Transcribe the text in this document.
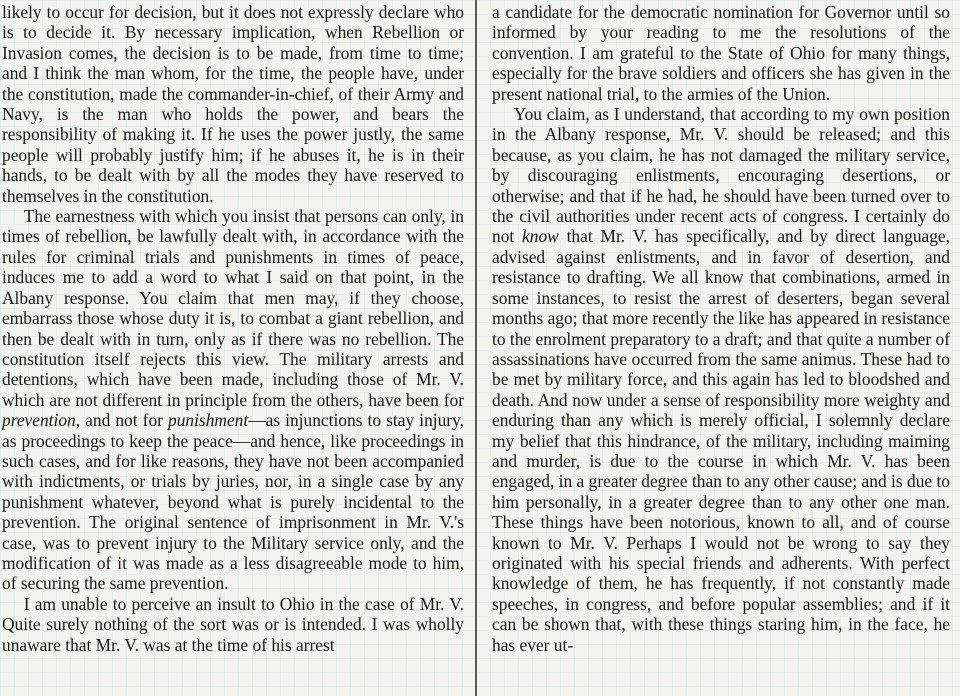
likely to occur for decision, but it does not expressly declare who is to decide it. By necessary implication, when Rebellion or Invasion comes, the decision is to be made, from time to time; and I think the man whom, for the time, the people have, under the constitution, made the commander-in-chief, of their Army and Navy, is the man who holds the power, and bears the responsibility of making it. If he uses the power justly, the same people will probably justify him; if he abuses it, he is in their hands, to be dealt with by all the modes they have reserved to themselves in the constitution.

The earnestness with which you insist that persons can only, in times of rebellion, be lawfully dealt with, in accordance with the rules for criminal trials and punishments in times of peace, induces me to add a word to what I said on that point, in the Albany response. You claim that men may, if they choose, embarrass those whose duty it is, to combat a giant rebellion, and then be dealt with in turn, only as if there was no rebellion. The constitution itself rejects this view. The military arrests and detentions, which have been made, including those of Mr. V. which are not different in principle from the others, have been for prevention, and not for punishment—as injunctions to stay injury, as proceedings to keep the peace—and hence, like proceedings in such cases, and for like reasons, they have not been accompanied with indictments, or trials by juries, nor, in a single case by any punishment whatever, beyond what is purely incidental to the prevention. The original sentence of imprisonment in Mr. V.'s case, was to prevent injury to the Military service only, and the modification of it was made as a less disagreeable mode to him, of securing the same prevention.

I am unable to perceive an insult to Ohio in the case of Mr. V. Quite surely nothing of the sort was or is intended. I was wholly unaware that Mr. V. was at the time of his arrest

a candidate for the democratic nomination for Governor until so informed by your reading to me the resolutions of the convention. I am grateful to the State of Ohio for many things, especially for the brave soldiers and officers she has given in the present national trial, to the armies of the Union.

You claim, as I understand, that according to my own position in the Albany response, Mr. V. should be released; and this because, as you claim, he has not damaged the military service, by discouraging enlistments, encouraging desertions, or otherwise; and that if he had, he should have been turned over to the civil authorities under recent acts of congress. I certainly do not know that Mr. V. has specifically, and by direct language, advised against enlistments, and in favor of desertion, and resistance to drafting. We all know that combinations, armed in some instances, to resist the arrest of deserters, began several months ago; that more recently the like has appeared in resistance to the enrolment preparatory to a draft; and that quite a number of assassinations have occurred from the same animus. These had to be met by military force, and this again has led to bloodshed and death. And now under a sense of responsibility more weighty and enduring than any which is merely official, I solemnly declare my belief that this hindrance, of the military, including maiming and murder, is due to the course in which Mr. V. has been engaged, in a greater degree than to any other cause; and is due to him personally, in a greater degree than to any other one man. These things have been notorious, known to all, and of course known to Mr. V. Perhaps I would not be wrong to say they originated with his special friends and adherents. With perfect knowledge of them, he has frequently, if not constantly made speeches, in congress, and before popular assemblies; and if it can be shown that, with these things staring him, in the face, he has ever ut-
